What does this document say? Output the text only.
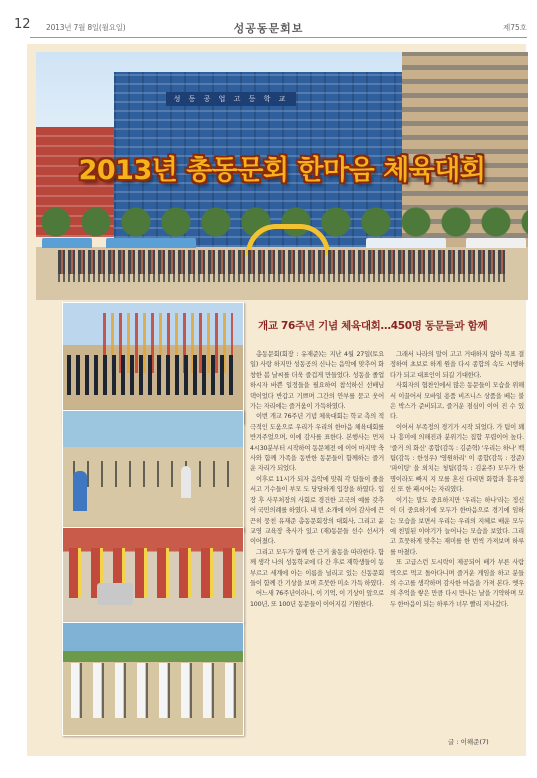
12 2013년 7월 8일(월요일)	성공동문회보	제75호
성 동 공 업 고 등 학 교
2013년 총동문회 한마음 체육대회
개교 76주년 기념 체육대회…450명 동문들과 함께

총동문회(회장 : 유재준)는 지난 4월 27일(토요일) 사랑 하지만 성동공의 신나는 음악에 맞추어 화창한 봄 날씨를 더욱 즐겁게 만들었다. 성동을 졸업하시자 바쁜 일정들을 필요하여 참석하신 선배님 댁이었다 반갑고 기쁘며 그간의 안부를 묻고 웃어가는 자리에는 즐거움이 가득하였다.

이번 개교 76주년 기념 체육대회는 학교 측의 적극적인 도움으로 우리가 우리의 한마음 체육대회를 반겨주었으며, 이에 감사를 표한다. 본행사는 먼저 4시30분부터 시작하여 동문체전 에 이어 마지막 축사와 함께 가족을 동반한 동문들이 함께하는 즐거운 자리가 되었다.

이후로 11시가 되자 음악에 맞춰 각 팀들이 줄을 서고 기수들이 부모 도 당당하게 입장을 하였다. 입장 후 사무처장의 사회로 경건한 고국의 예를 갖추어 국민의례를 하였다. 내 빈 소개에 이어 감사에 끈끈히 뭉친 유재준 총동문회장의 대회사, 그리고 윤교영 교육장 축사가 있고 (재)동문들 선수 선서가 이어졌다.

그리고 모두가 함께 한 근거 율동을 따라한다. 함께 생각 나의 성동학교에 다 간 후로 재학생들이 동 부르고 세계에 아는 이름을 널리고 있는 신동문회들이 함께 간 기상을 보며 흐뭇한 미소 가득 하였다.

어느새 76주년이라니, 이 기억, 이 기상이 앞으로 100년, 또 100년 동문들이 이어지길 기원한다.

그래서 나라의 말이 고고 거대하지 않아 목표 결정하여 초보로 하게 원을 다시 종합의 속도 시행하다가 되고 대표인이 되길 기대한다.

사회자의 협찬인에서 많은 동문들이 모습을 위해서 이끌어서 모바일 용품 비즈니스 상품을 베는 불은 박스가 준비되고, 즐거운 점심이 이어 진 수 있다.

이어서 부족정의 경기가 시작 되었다. 가 팀이 꽤나 흥미에 의해진과 분위기는 집합 무렵이어 높다. '즐거 의 화신' 종합(감독 : 김준혁) '우리는 하나' 백팀(감독 : 한성우) '영원하리' 이 종합(감독 : 장준) '파이팅' 을 외치는 청팀(감독 : 김윤주) 모두가 한 명이라도 빠지 지 모를 혼신 다리면 화합과 흥유정신 또 한 패시어는 자리였다.

이기는 말도 중요하지만 '우리는 하나'라는 정신이 더 중요하기에 모두가 한마음으로 경기에 임하는 모습을 보면서 우리는 우리의 지혜로 배운 모두에 친밀된 이야기가 늘어나는 모습을 보았다. 그리고 흐뭇하게 맞추는 재미를 한 번씩 가져보며 하루를 마쳤다.

또 고급스런 도시락이 제공되어 배가 부른 사람 먹으로 먹고 돌아다니며 즐거운 게임을 하고 분들의 수고를 생각하며 감사한 마음을 가져 본다. 옛우의 추억을 쌓은 만큼 다시 만나는 날을 기약하며 모두 한마음이 되는 하루가 너무 빨리 지나갔다.

글 : 이해준(7)
